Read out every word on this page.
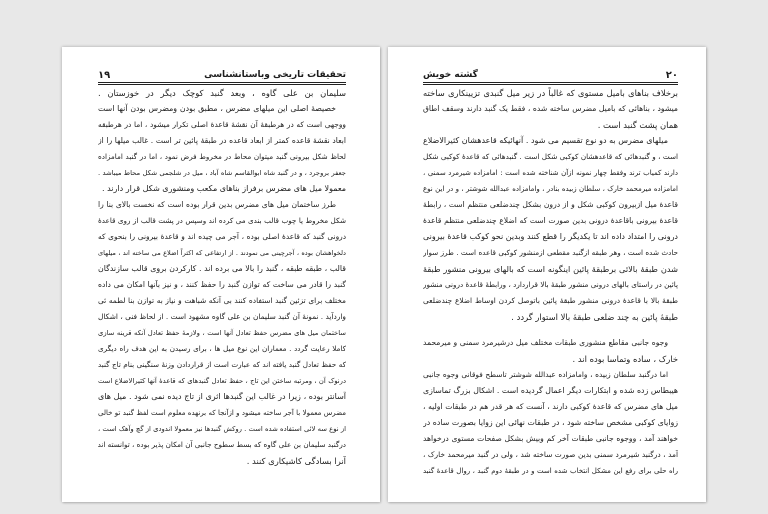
۱۹	تحقیقات تاریخی وباستانشناسی
سلیمان بن علی گاوه ، وبعد گنبد کوچک دیگر در خوزستان .
خصیصهٔ اصلی این میلهای مضرس ، مطبق بودن ومضرس بودن آنها است
ووجهی است که در هرطبقهٔ آن نقشهٔ قاعدهٔ اصلی تکرار میشود ، اما در هرطبقه
ابعاد نقشهٔ قاعده کمتر از ابعاد قاعده در طبقهٔ پائین تر است . غالب میلها را از
لحاظ شکل بیرونی گنبد میتوان محاط در مخروط فرض نمود ، اما در گنبد امامزاده
جعفر بروجرد ، و در گنبد شاه ابوالقاسم شاه آباد ، میل در شلجمی شکل محاط میباشد .
معمولا میل های مضرس برفراز بناهای مکعب ومنشوری شکل قرار دارند .
طرز ساختمان میل های مضرس بدین قرار بوده است که نخست بالای بنا را
شکل مخروط یا چوب قالب بندی می کرده اند وسپس در پشت قالب از روی قاعدهٔ
درونی گنبد که قاعدهٔ اصلی بوده ، آجر می چیده اند و قاعدهٔ بیرونی را بنحوی که
دلخواهشان بوده ، آجرچینی می نمودند . از ارتفاعی که اکثراً اضلاع می ساخته اند ، میلهای
قالب ، طبقه طبقه ، گنبد را بالا می برده اند . کارکردن بروی قالب سازندگان
گنبد را قادر می ساخت که توازن گنبد را حفظ کنند ، و نیز بآنها امکان می داده
مختلف برای تزئین گنبد استفاده کنند بی آنکه شباهت و نیاز به توازن بنا لطمه ئی
واردآید . نمونهٔ آن گنبد سلیمان بن علی گاوه مشهود است . از لحاظ فنی ، اشکال
ساختمان میل های مضرس حفظ تعادل آنها است ، ولازمهٔ حفظ تعادل آنکه قرینه سازی
کاملا رعایت گردد . معماران این نوع میل ها ، برای رسیدن به این هدف راه دیگری
که حفظ تعادل گنبد یافته اند که عبارت است از قراردادن وزنهٔ سنگینی بنام تاج گنبد
درنوک آن ، ومرتبه ساختن این تاج ، حفظ تعادل گنبدهای که قاعدهٔ آنها کثیرالاضلاع است
آسانتر بوده ، زیرا در غالب این گنبدها اثری از تاج دیده نمی شود . میل های
مضرس معمولا با آجر ساخته میشود و ازآنجا که برنهده معلوم است لفظ گنبد تو خالی
از نوع سه لائی استفاده شده است . روکش گنبدها نیز معمولا اندودی از گچ وآهک است ،
درگنبد سلیمان بن علی گاوه که بسط سطوح جانبی آن امکان پذیر بوده ، توانسته اند
آنرا بسادگی کاشیکاری کنند .
گشته خویش	۲۰
برخلاف بناهای بامیل مستوی که غالباً در زیر میل گنبدی تزیینکاری ساخته
میشود ، بناهائی که بامیل مضرس ساخته شده ، فقط یک گنبد دارند وسقف اطاق
همان پشت گنبد است .
میلهای مضرس به دو نوع تقسیم می شود . آنهائیکه قاعدهشان کثیرالاضلاع
است ، و گنبدهائی که قاعدهشان کوکبی شکل است . گنبدهائی که قاعدهٔ کوکبی شکل
دارند کمیاب ترند وفقط چهار نمونه ازآن شناخته شده است : امامزاده شیرمرد سمنی ،
امامزاده میرمحمد خارک ، سلطان زبیده بنادر ، وامامزاده عبدالله شوشتر ، و در این نوع
قاعدهٔ میل ازبیرون کوکبی شکل و از درون بشکل چندضلعی منتظم است ، رابطهٔ
قاعدهٔ بیرونی باقاعدهٔ درونی بدین صورت است که اضلاع چندضلعی منتظم قاعدهٔ
درونی را امتداد داده اند تا یکدیگر را قطع کنند وبدین نحو کوکب قاعدهٔ بیرونی
حادث شده است ، وهر طبقه ازگنبد مقطعی ازمنشور کوکبی قاعده است . طرز سوار
شدن طبقهٔ بالائی برطبقهٔ پائین اینگونه است که بالهای بیرونی منشور طبقهٔ
پائین در راستای بالهای درونی منشور طبقهٔ بالا قراردارد ، ورابطهٔ قاعدهٔ درونی منشور
طبقهٔ بالا با قاعدهٔ درونی منشور طبقهٔ پائین باتوصل کردن اوساط اضلاع چندضلعی
طبقهٔ پائین به چند ضلعی طبقهٔ بالا استوار گردد .
وجوه جانبی مقاطع منشوری طبقات مختلف میل درشیرمرد سمنی و میرمحمد
خارک ، ساده وتماسا بوده اند .
اما درگنبد سلطان زبیده ، وامامزاده عبدالله شوشتر تاسطح فوقانی وجوه جانبی
هیبطاس زده شده و ابتکارات دیگر اعمال گردیده است . اشکال بزرگ تماسازی
میل های مضرس که قاعدهٔ کوکبی دارند ، آنست که هر قدر هم در طبقات اولیه ،
زوایای کوکبی مشخص ساخته شود ، در طبقات نهائی این زوایا بصورت ساده در
خواهند آمد ، ووجوه جانبی طبقات آخر کم وبیش بشکل صفحات مستوی درخواهد
آمد ، درگنبد شیرمرد سمنی بدین صورت ساخته شد ، ولی در گنبد میرمحمد خارک ،
راه حلی برای رفع این مشکل انتخاب شده است و در طبقهٔ دوم گنبد ، روال قاعدهٔ گنبد
